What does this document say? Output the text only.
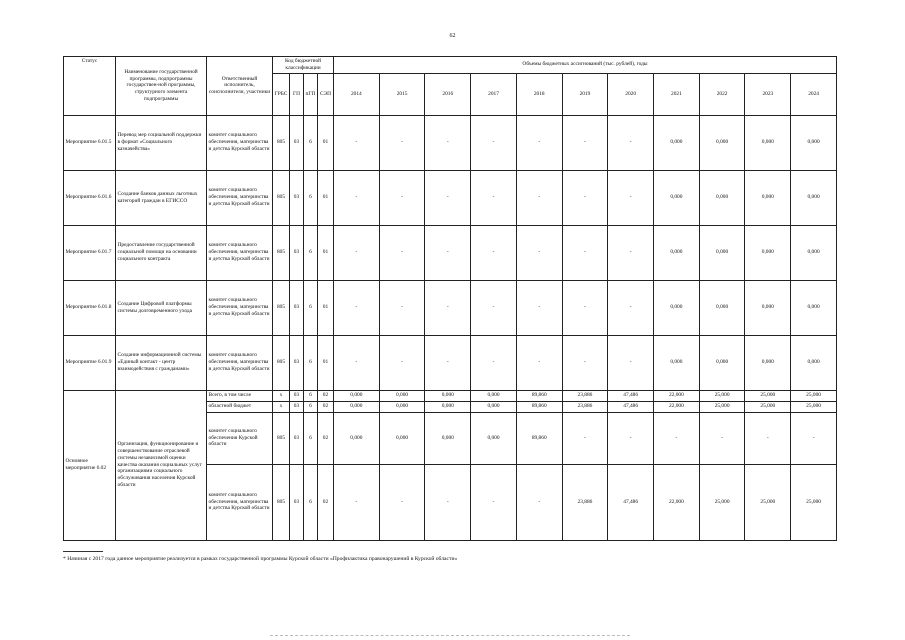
62
Статус	Наименование государственной программы, подпрограммы государствен-ной программы, структурного элемента подпрограммы	Ответственный исполнитель, соисполнители, участники	Код бюджетной классификации				Объемы бюджетных ассигнований (тыс. рублей), годы										
			ГРБС	ГП	пГП	СЭП	2014	2015	2016	2017	2018	2019	2020	2021	2022	2023	2024
Мероприятие 6.01.5	Перевод мер социальной поддержки в формат «Социального казначейства»	комитет социального обеспечения, материнства и детства Курской области	805	03	6	01	-	-	-	-	-	-	-	0,000	0,000	0,000	0,000
Мероприятие 6.01.6	Создание банков данных льготных категорий граждан в ЕГИССО	комитет социального обеспечения, материнства и детства Курской области	805	03	6	01	-	-	-	-	-	-	-	0,000	0,000	0,000	0,000
Мероприятие 6.01.7	Предоставление государственной социальной помощи на основании социального контракта	комитет социального обеспечения, материнства и детства Курской области	805	03	6	01	-	-	-	-	-	-	-	0,000	0,000	0,000	0,000
Мероприятие 6.01.8	Создание Цифровой платформы системы долговременного ухода	комитет социального обеспечения, материнства и детства Курской области	805	03	6	01	-	-	-	-	-	-	-	0,000	0,000	0,000	0,000
Мероприятие 6.01.9	Создание информационной системы «Единый контакт - центр взаимодействия с гражданами»	комитет социального обеспечения, материнства и детства Курской области	805	03	6	01	-	-	-	-	-	-	-	0,000	0,000	0,000	0,000
Основное мероприятие 6.02	Организация, функционирование и совершенствование отраслевой системы независимой оценки качества оказания социальных услуг организациями социального обслуживания населения Курской области	Всего, в том числе	х	03	6	02	0,000	0,000	0,000	0,000	89,860	23,886	47,486	22,000	25,000	25,000	25,000
		областной бюджет	х	03	6	02	0,000	0,000	0,000	0,000	89,860	23,886	47,486	22,000	25,000	25,000	25,000
		комитет социального обеспечения Курской области	805	03	6	02	0,000	0,000	0,000	0,000	89,860	-	-	-	-	-	-
		комитет социального обеспечения, материнства и детства Курской области	805	03	6	02	-	-	-	-	-	23,886	47,486	22,000	25,000	25,000	25,000
* Начиная с 2017 года данное мероприятие реализуется в рамках государственной программы Курской области «Профилактика правонарушений в Курской области»
